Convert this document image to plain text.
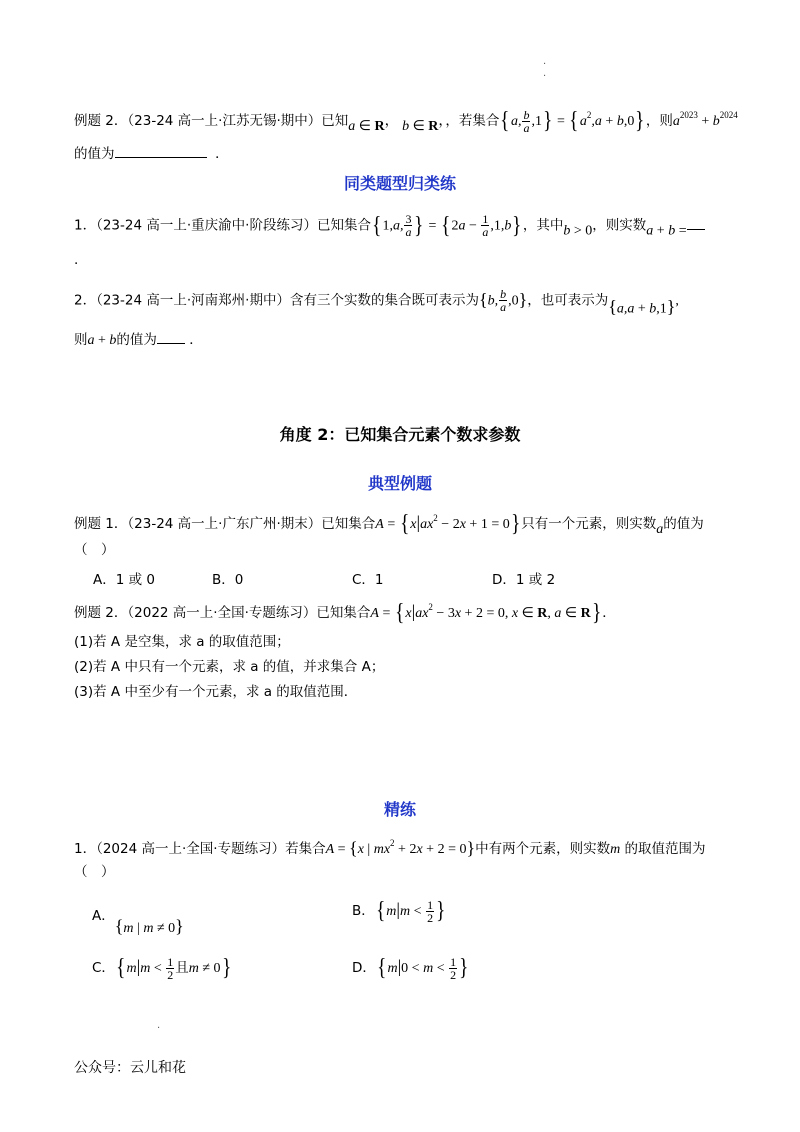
.
.
例题 2．（23-24 高一上·江苏无锡·期中）已知a ∈ R， b ∈ R，，若集合{a, $\frac{b}{a} ,1\} = \{a^2,a + b,0\}$，则$a^{2023} + b^{2024}$
的值为	．
同类题型归类练
1．（23-24 高一上·重庆渝中·阶段练习）已知集合{1,a, $\frac{3}{a}$ } = $\{2a - \frac{1}{a} ,1,b\}$，其中b > 0，则实数a + b =
.
2．（23-24 高一上·河南郑州·期中）含有三个实数的集合既可表示为{b, $\frac{b}{a} ,0$}，也可表示为{a,a + b,1},
则a + b的值为 ．
角度 2：已知集合元素个数求参数
典型例题
例题 1．（23-24 高一上·广东广州·期末）已知集合$A = \{x|ax^2 - 2x + 1 = 0\}$只有一个元素，则实数a的值为
（　）
A．1 或 0	B．0	C．1	D．1 或 2
例题 2．（2022 高一上·全国·专题练习）已知集合$A = \{x|ax^2 - 3x + 2 = 0$, x ∈ R, a ∈ R}．
(1)若 A 是空集，求 a 的取值范围；
(2)若 A 中只有一个元素，求 a 的值，并求集合 A；
(3)若 A 中至少有一个元素，求 a 的取值范围．
精练
1．（2024 高一上·全国·专题练习）若集合A = {x | $mx^2 + 2x + 2 = 0$}中有两个元素，则实数m 的取值范围为
（　）
A．{m | m ≠ 0}
B．{$m|m < \frac{1}{2}$ }
C．{$m|m < \frac{1}{2}$ 且m ≠ 0}	D．{$m|0 < m < \frac{1}{2}$ }
.
公众号：云儿和花
